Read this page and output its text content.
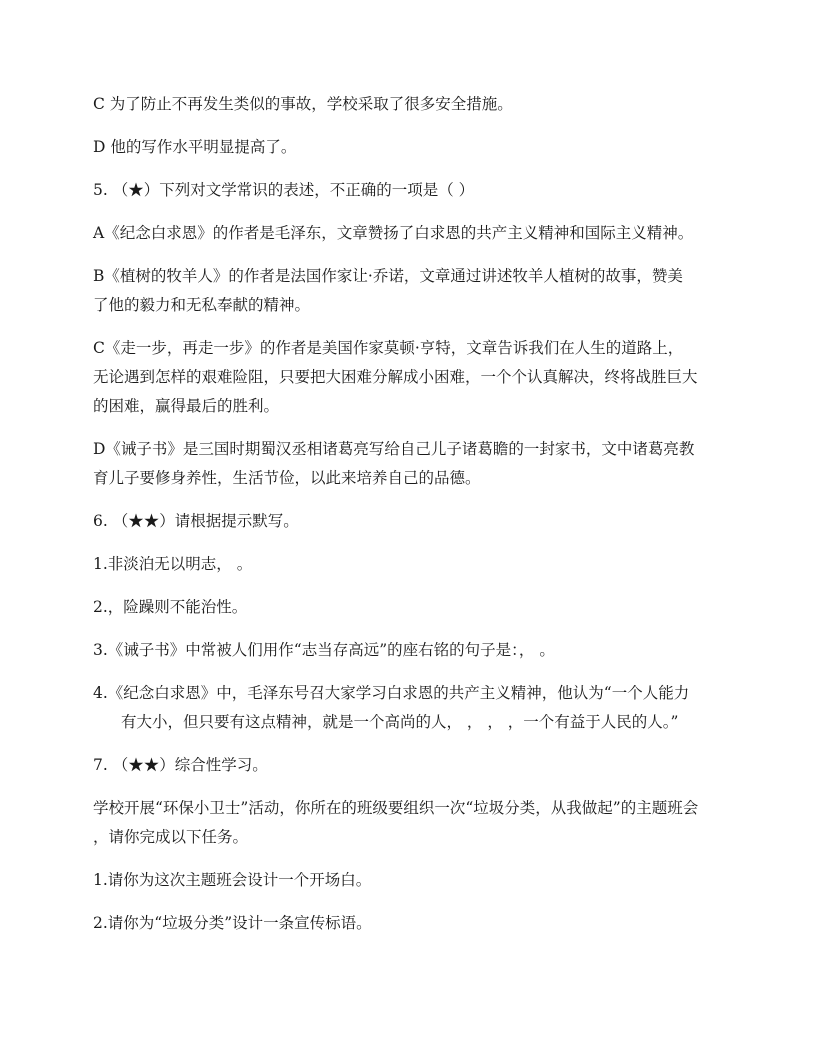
C 为了防止不再发生类似的事故，学校采取了很多安全措施。

D 他的写作水平明显提高了。

5. （★）下列对文学常识的表述，不正确的一项是（ ）

A《纪念白求恩》的作者是毛泽东，文章赞扬了白求恩的共产主义精神和国际主义精神。

B《植树的牧羊人》的作者是法国作家让·乔诺，文章通过讲述牧羊人植树的故事，赞美
了他的毅力和无私奉献的精神。

C《走一步，再走一步》的作者是美国作家莫顿·亨特，文章告诉我们在人生的道路上，
无论遇到怎样的艰难险阻，只要把大困难分解成小困难，一个个认真解决，终将战胜巨大
的困难，赢得最后的胜利。

D《诫子书》是三国时期蜀汉丞相诸葛亮写给自己儿子诸葛瞻的一封家书，文中诸葛亮教
育儿子要修身养性，生活节俭，以此来培养自己的品德。

6. （★★）请根据提示默写。

1.非淡泊无以明志， 。

2.，险躁则不能治性。

3.《诫子书》中常被人们用作“志当存高远”的座右铭的句子是：， 。

4.《纪念白求恩》中，毛泽东号召大家学习白求恩的共产主义精神，他认为“一个人能力
有大小，但只要有这点精神，就是一个高尚的人， ， ， ，一个有益于人民的人。”

7. （★★）综合性学习。

学校开展“环保小卫士”活动，你所在的班级要组织一次“垃圾分类，从我做起”的主题班会
，请你完成以下任务。

1.请你为这次主题班会设计一个开场白。

2.请你为“垃圾分类”设计一条宣传标语。
